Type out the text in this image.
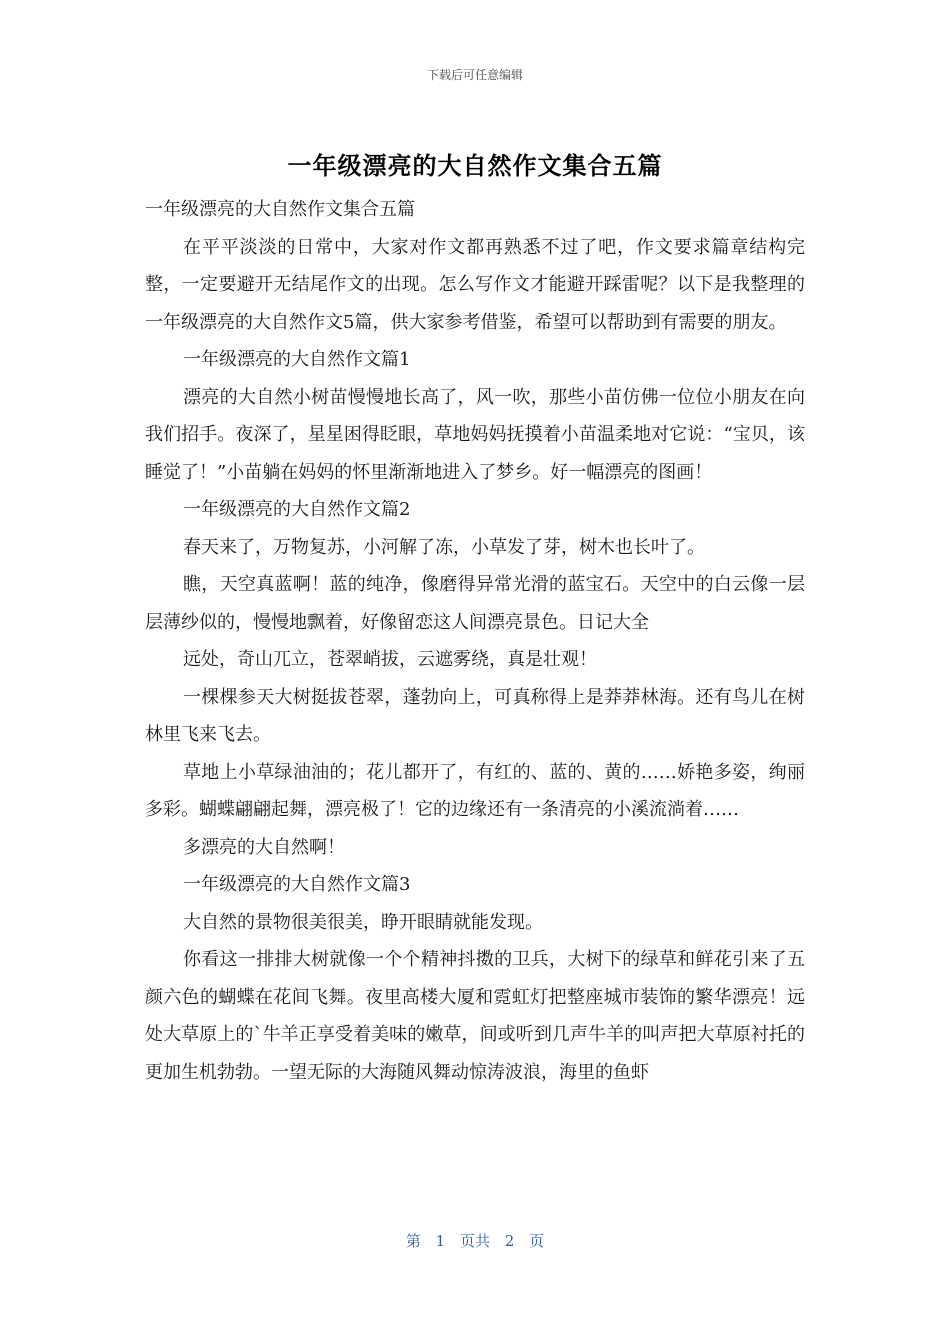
下载后可任意编辑
一年级漂亮的大自然作文集合五篇

一年级漂亮的大自然作文集合五篇

在平平淡淡的日常中，大家对作文都再熟悉不过了吧，作文要求篇章结构完整，一定要避开无结尾作文的出现。怎么写作文才能避开踩雷呢？以下是我整理的一年级漂亮的大自然作文5篇，供大家参考借鉴，希望可以帮助到有需要的朋友。

一年级漂亮的大自然作文篇1

漂亮的大自然小树苗慢慢地长高了，风一吹，那些小苗仿佛一位位小朋友在向我们招手。夜深了，星星困得眨眼，草地妈妈抚摸着小苗温柔地对它说：“宝贝，该睡觉了！”小苗躺在妈妈的怀里渐渐地进入了梦乡。好一幅漂亮的图画！

一年级漂亮的大自然作文篇2

春天来了，万物复苏，小河解了冻，小草发了芽，树木也长叶了。

瞧，天空真蓝啊！蓝的纯净，像磨得异常光滑的蓝宝石。天空中的白云像一层层薄纱似的，慢慢地飘着，好像留恋这人间漂亮景色。日记大全

远处，奇山兀立，苍翠峭拔，云遮雾绕，真是壮观！

一棵棵参天大树挺拔苍翠，蓬勃向上，可真称得上是莽莽林海。还有鸟儿在树林里飞来飞去。

草地上小草绿油油的；花儿都开了，有红的、蓝的、黄的……娇艳多姿，绚丽多彩。蝴蝶翩翩起舞，漂亮极了！它的边缘还有一条清亮的小溪流淌着……

多漂亮的大自然啊！

一年级漂亮的大自然作文篇3

大自然的景物很美很美，睁开眼睛就能发现。

你看这一排排大树就像一个个精神抖擞的卫兵，大树下的绿草和鲜花引来了五颜六色的蝴蝶在花间飞舞。夜里高楼大厦和霓虹灯把整座城市装饰的繁华漂亮！远处大草原上的`牛羊正享受着美味的嫩草，间或听到几声牛羊的叫声把大草原衬托的更加生机勃勃。一望无际的大海随风舞动惊涛波浪，海里的鱼虾

第 1 页共 2 页
